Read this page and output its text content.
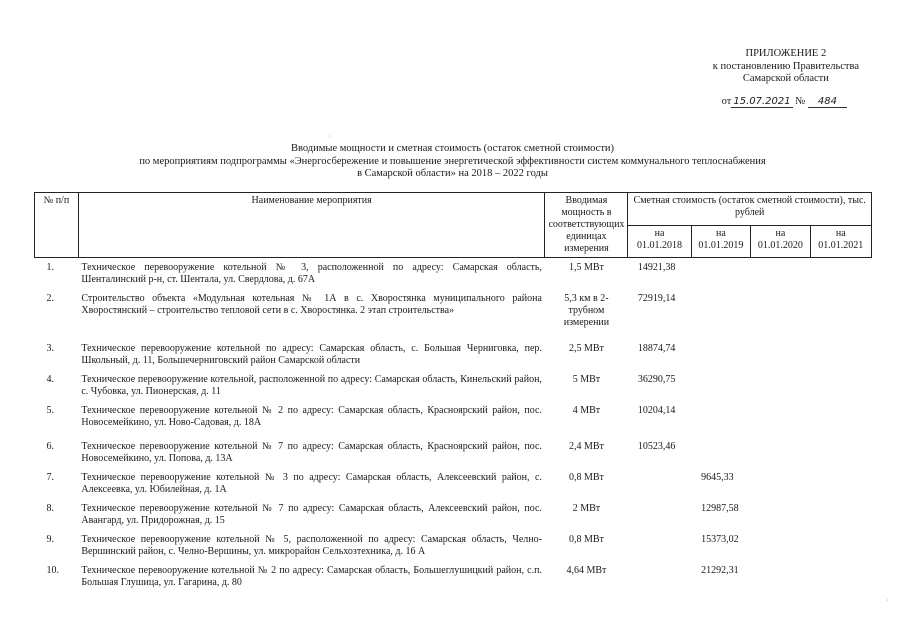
ПРИЛОЖЕНИЕ 2
к постановлению Правительства
Самарской области
от 15.07.2021 № 484
Вводимые мощности и сметная стоимость (остаток сметной стоимости)
по мероприятиям подпрограммы «Энергосбережение и повышение энергетической эффективности систем коммунального теплоснабжения
в Самарской области» на 2018 – 2022 годы
№ п/п	Наименование мероприятия	Вводимая мощность в соответствующих единицах измерения	Сметная стоимость (остаток сметной стоимости), тыс. рублей			
			на 01.01.2018	на 01.01.2019	на 01.01.2020	на 01.01.2021
1.	Техническое перевооружение котельной № 3, расположенной по адресу: Самарская область, Шенталинский р-н, ст. Шентала, ул. Свердлова, д. 67А	1,5 МВт	14921,38			
2.	Строительство объекта «Модульная котельная № 1А в с. Хворостянка муниципального района Хворостянский – строительство тепловой сети в с. Хворостянка. 2 этап строительства»	5,3 км в 2-трубном измерении	72919,14			
3.	Техническое перевооружение котельной по адресу: Самарская область, с. Большая Черниговка, пер. Школьный, д. 11, Большечерниговский район Самарской области	2,5 МВт	18874,74			
4.	Техническое перевооружение котельной, расположенной по адресу: Самарская область, Кинельский район, с. Чубовка, ул. Пионерская, д. 11	5 МВт	36290,75			
5.	Техническое перевооружение котельной № 2 по адресу: Самарская область, Красноярский район, пос. Новосемейкино, ул. Ново-Садовая, д. 18А	4 МВт	10204,14			
6.	Техническое перевооружение котельной № 7 по адресу: Самарская область, Красноярский район, пос. Новосемейкино, ул. Попова, д. 13А	2,4 МВт	10523,46			
7.	Техническое перевооружение котельной № 3 по адресу: Самарская область, Алексеевский район, с. Алексеевка, ул. Юбилейная, д. 1А	0,8 МВт		9645,33		
8.	Техническое перевооружение котельной № 7 по адресу: Самарская область, Алексеевский район, пос. Авангард, ул. Придорожная, д. 15	2 МВт		12987,58		
9.	Техническое перевооружение котельной № 5, расположенной по адресу: Самарская область, Челно-Вершинский район, с. Челно-Вершины, ул. микрорайон Сельхозтехника, д. 16 А	0,8 МВт		15373,02		
10.	Техническое перевооружение котельной № 2 по адресу: Самарская область, Большеглушицкий район, с.п. Большая Глушица, ул. Гагарина, д. 80	4,64 МВт		21292,31		
·
·
